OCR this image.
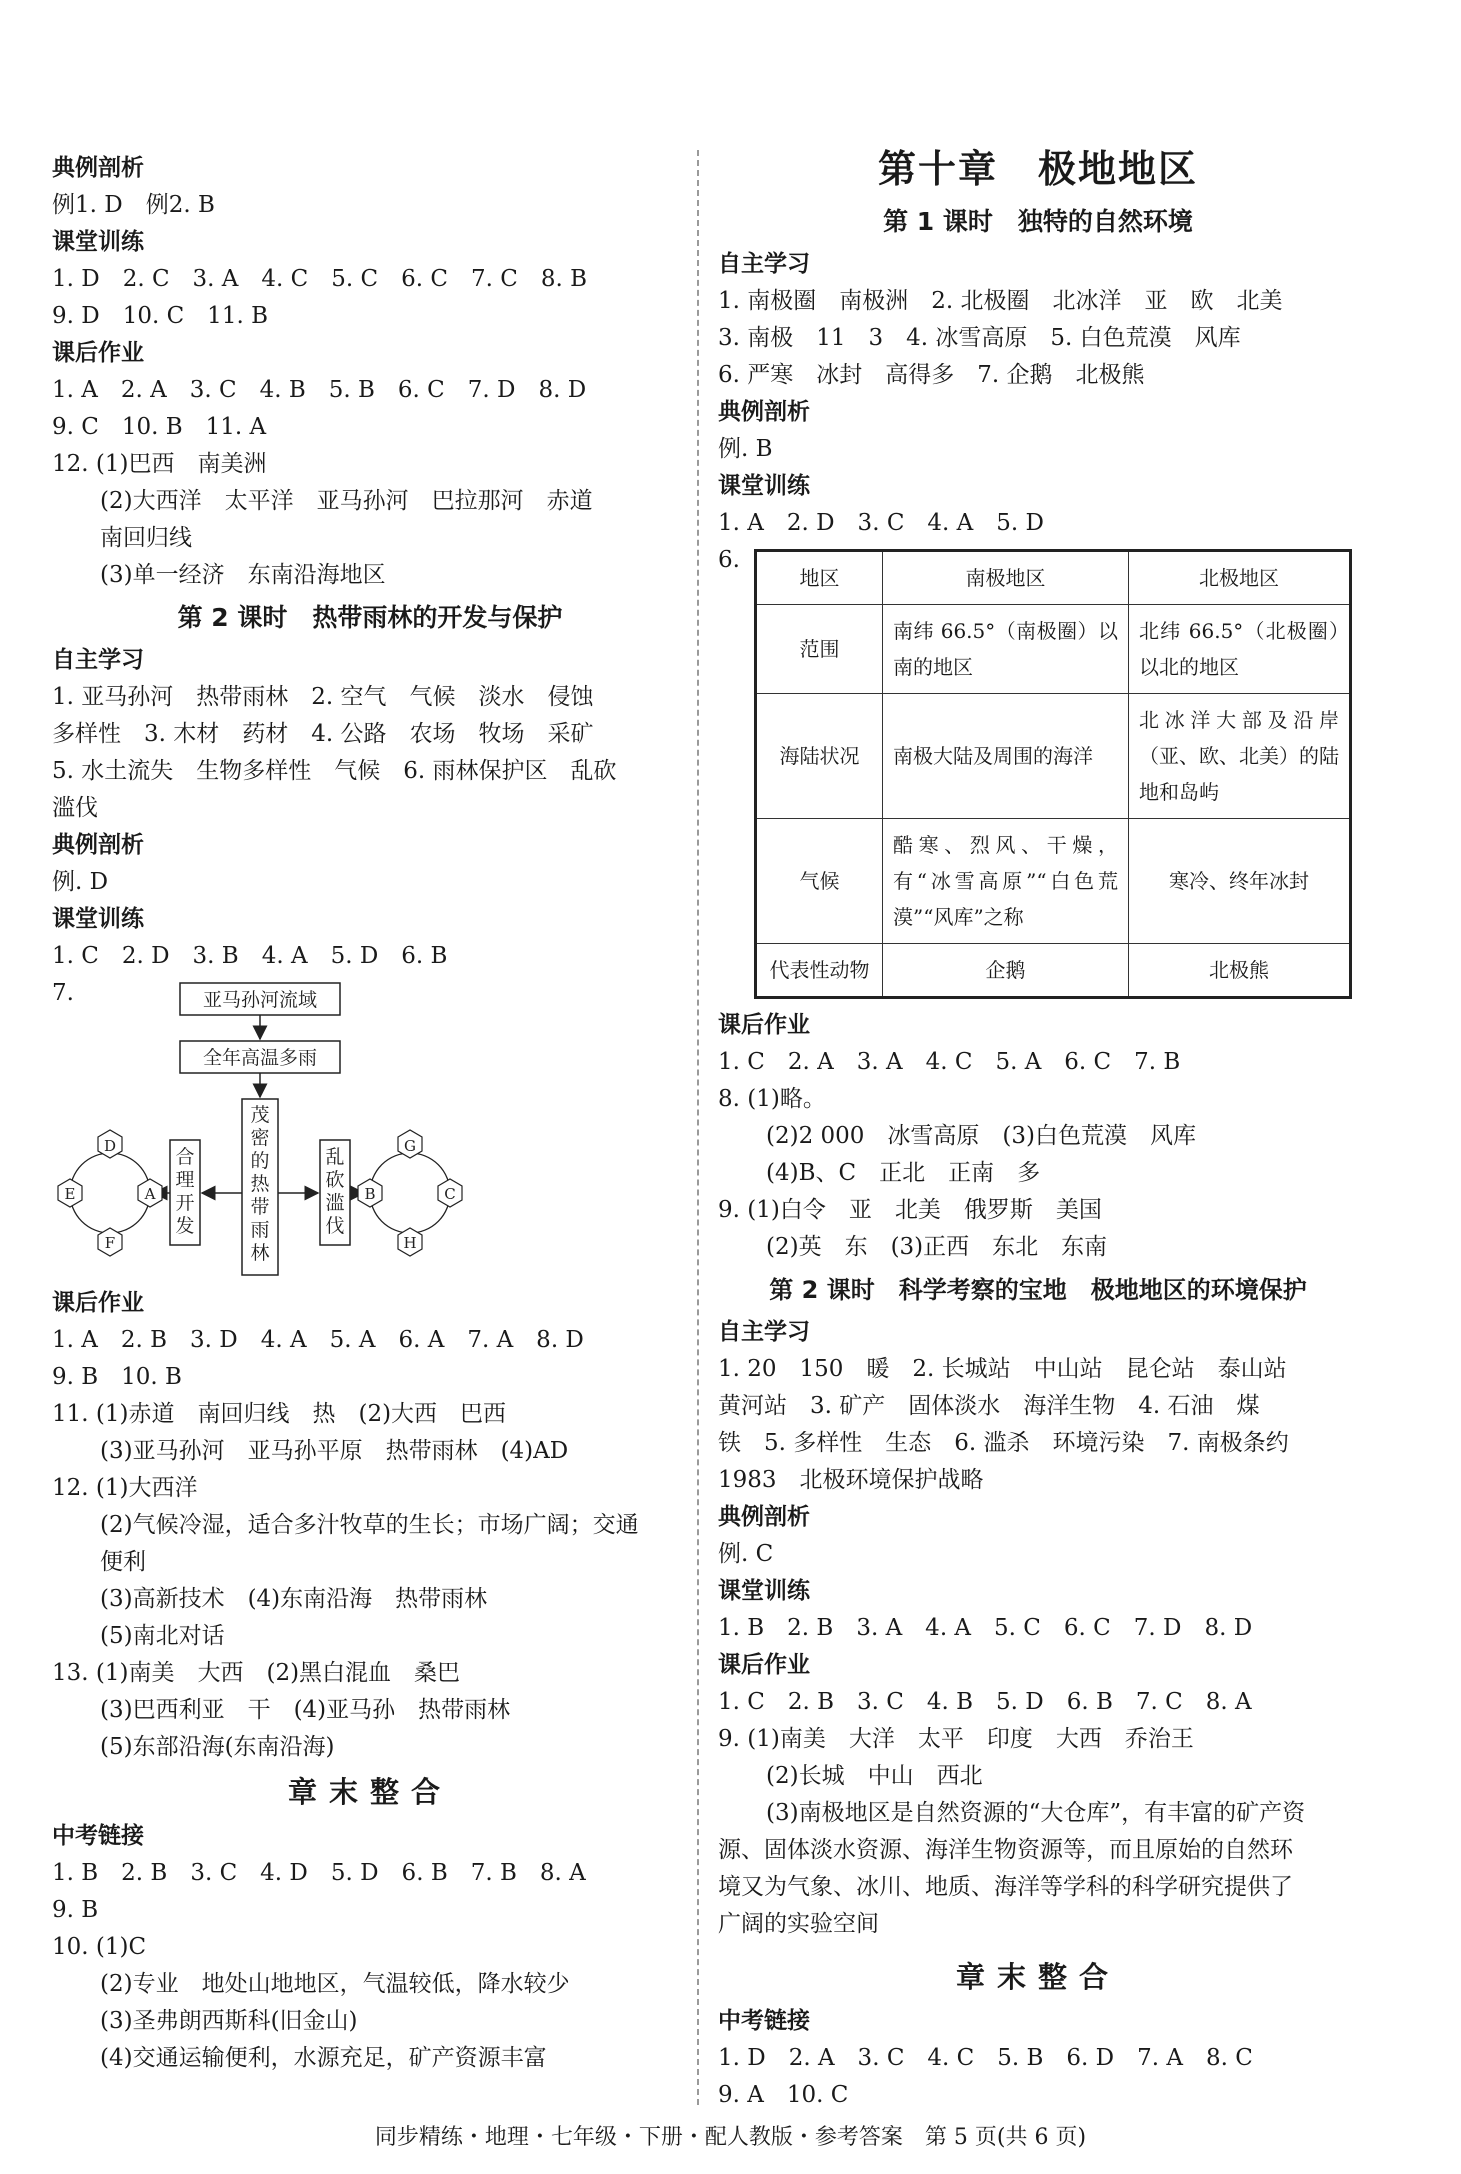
典例剖析
例1. D　例2. B
课堂训练
1. D　2. C　3. A　4. C　5. C　6. C　7. C　8. B
9. D　10. C　11. B
课后作业
1. A　2. A　3. C　4. B　5. B　6. C　7. D　8. D
9. C　10. B　11. A
12. (1)巴西　南美洲
(2)大西洋　太平洋　亚马孙河　巴拉那河　赤道
南回归线
(3)单一经济　东南沿海地区
第 2 课时　热带雨林的开发与保护
自主学习
1. 亚马孙河　热带雨林　2. 空气　气候　淡水　侵蚀
多样性　3. 木材　药材　4. 公路　农场　牧场　采矿
5. 水土流失　生物多样性　气候　6. 雨林保护区　乱砍
滥伐
典例剖析
例. D
课堂训练
1. C　2. D　3. B　4. A　5. D　6. B
7.	亚马孙河流域
全年高温多雨
茂密的热带雨林
合理开发
乱砍滥伐
D
A
F
E
G
C
H
B
课后作业
1. A　2. B　3. D　4. A　5. A　6. A　7. A　8. D
9. B　10. B
11. (1)赤道　南回归线　热　(2)大西　巴西
(3)亚马孙河　亚马孙平原　热带雨林　(4)AD
12. (1)大西洋
(2)气候冷湿，适合多汁牧草的生长；市场广阔；交通
便利
(3)高新技术　(4)东南沿海　热带雨林
(5)南北对话
13. (1)南美　大西　(2)黑白混血　桑巴
(3)巴西利亚　干　(4)亚马孙　热带雨林
(5)东部沿海(东南沿海)
章末整合
中考链接
1. B　2. B　3. C　4. D　5. D　6. B　7. B　8. A
9. B
10. (1)C
(2)专业　地处山地地区，气温较低，降水较少
(3)圣弗朗西斯科(旧金山)
(4)交通运输便利，水源充足，矿产资源丰富
第十章　极地地区
第 1 课时　独特的自然环境
自主学习
1. 南极圈　南极洲　2. 北极圈　北冰洋　亚　欧　北美
3. 南极　11　3　4. 冰雪高原　5. 白色荒漠　风库
6. 严寒　冰封　高得多　7. 企鹅　北极熊
典例剖析
例. B
课堂训练
1. A　2. D　3. C　4. A　5. D
6.
地区	南极地区	北极地区
范围	南纬 66.5°（南极圈）以南的地区	北纬 66.5°（北极圈）以北的地区
海陆状况	南极大陆及周围的海洋	北冰洋大部及沿岸（亚、欧、北美）的陆地和岛屿
气候	酷寒、烈风、干燥，有“冰雪高原”“白色荒漠”“风库”之称	寒冷、终年冰封
代表性动物	企鹅	北极熊
课后作业
1. C　2. A　3. A　4. C　5. A　6. C　7. B
8. (1)略。
(2)2 000　冰雪高原　(3)白色荒漠　风库
(4)B、C　正北　正南　多
9. (1)白令　亚　北美　俄罗斯　美国
(2)英　东　(3)正西　东北　东南
第 2 课时　科学考察的宝地　极地地区的环境保护
自主学习
1. 20　150　暖　2. 长城站　中山站　昆仑站　泰山站
黄河站　3. 矿产　固体淡水　海洋生物　4. 石油　煤
铁　5. 多样性　生态　6. 滥杀　环境污染　7. 南极条约
1983　北极环境保护战略
典例剖析
例. C
课堂训练
1. B　2. B　3. A　4. A　5. C　6. C　7. D　8. D
课后作业
1. C　2. B　3. C　4. B　5. D　6. B　7. C　8. A
9. (1)南美　大洋　太平　印度　大西　乔治王
(2)长城　中山　西北
(3)南极地区是自然资源的“大仓库”，有丰富的矿产资
源、固体淡水资源、海洋生物资源等，而且原始的自然环
境又为气象、冰川、地质、海洋等学科的科学研究提供了
广阔的实验空间
章末整合
中考链接
1. D　2. A　3. C　4. C　5. B　6. D　7. A　8. C
9. A　10. C
同步精练・地理・七年级・下册・配人教版・参考答案　第 5 页(共 6 页)
